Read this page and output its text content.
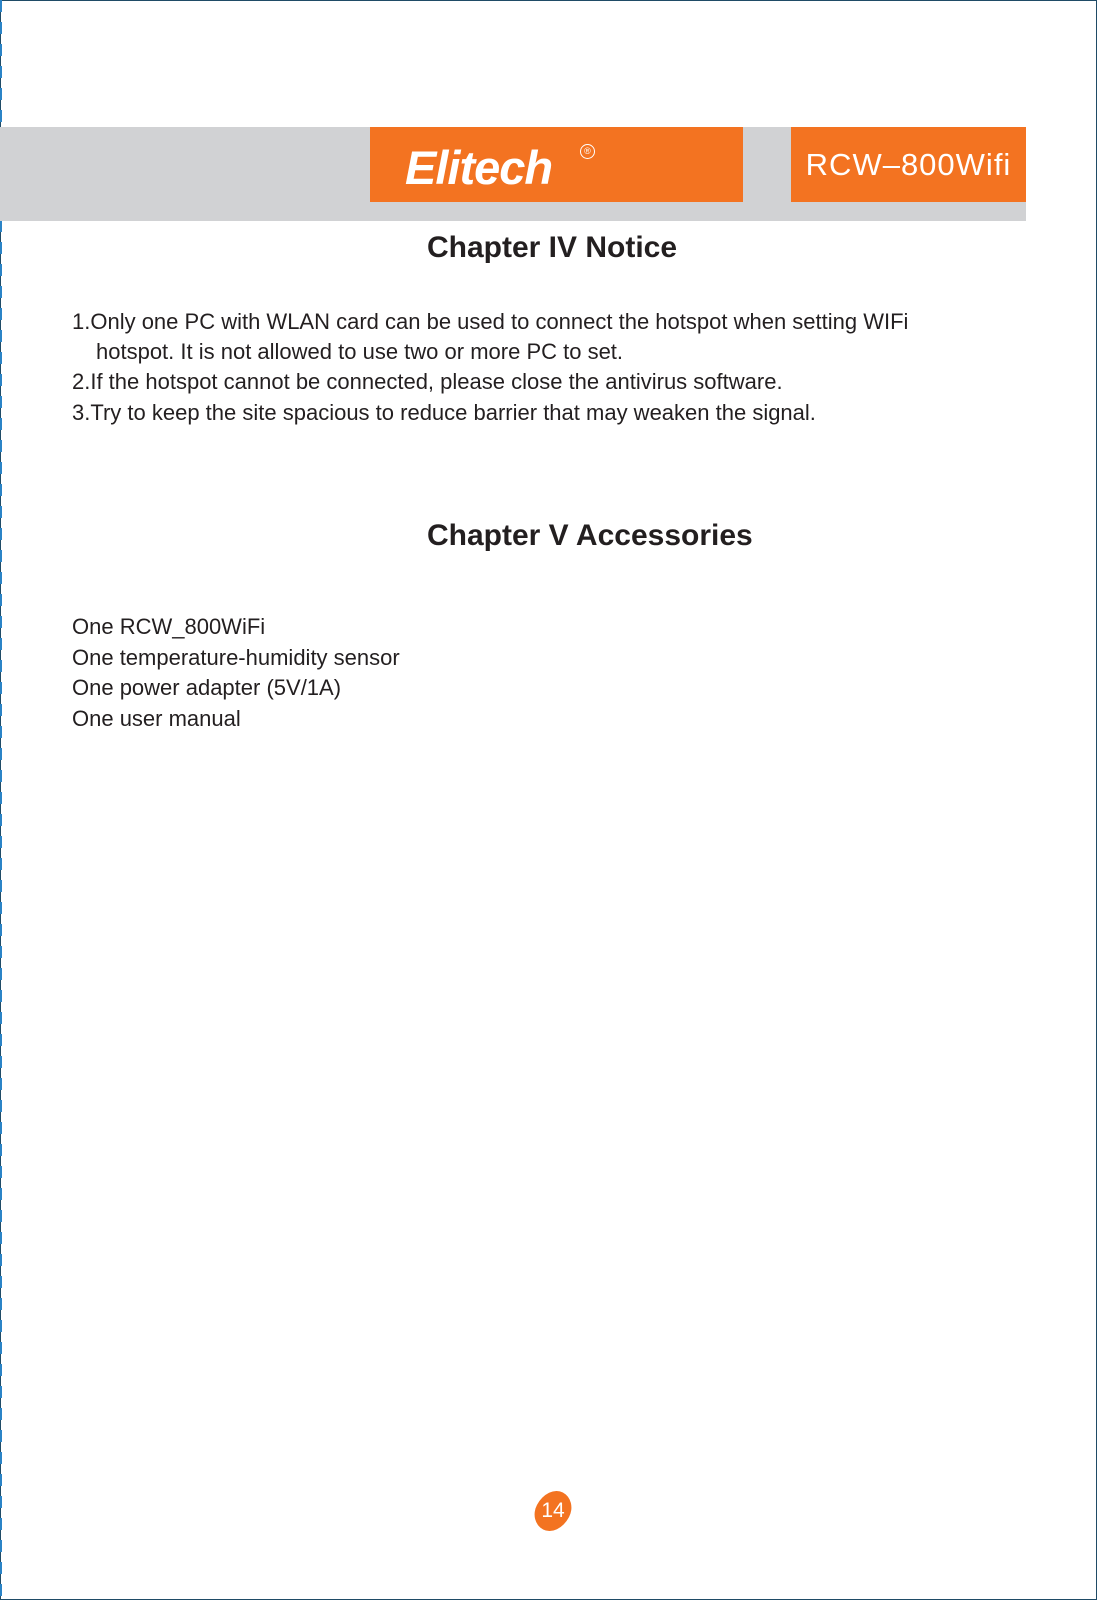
Elitech	®	RCW–800Wifi
Chapter IV Notice
1.Only one PC with WLAN card can be used to connect the hotspot when setting WIFi
hotspot. It is not allowed to use two or more PC to set.
2.If the hotspot cannot be connected, please close the antivirus software.
3.Try to keep the site spacious to reduce barrier that may weaken the signal.
Chapter V Accessories
One RCW_800WiFi
One temperature-humidity sensor
One power adapter (5V/1A)
One user manual
14
